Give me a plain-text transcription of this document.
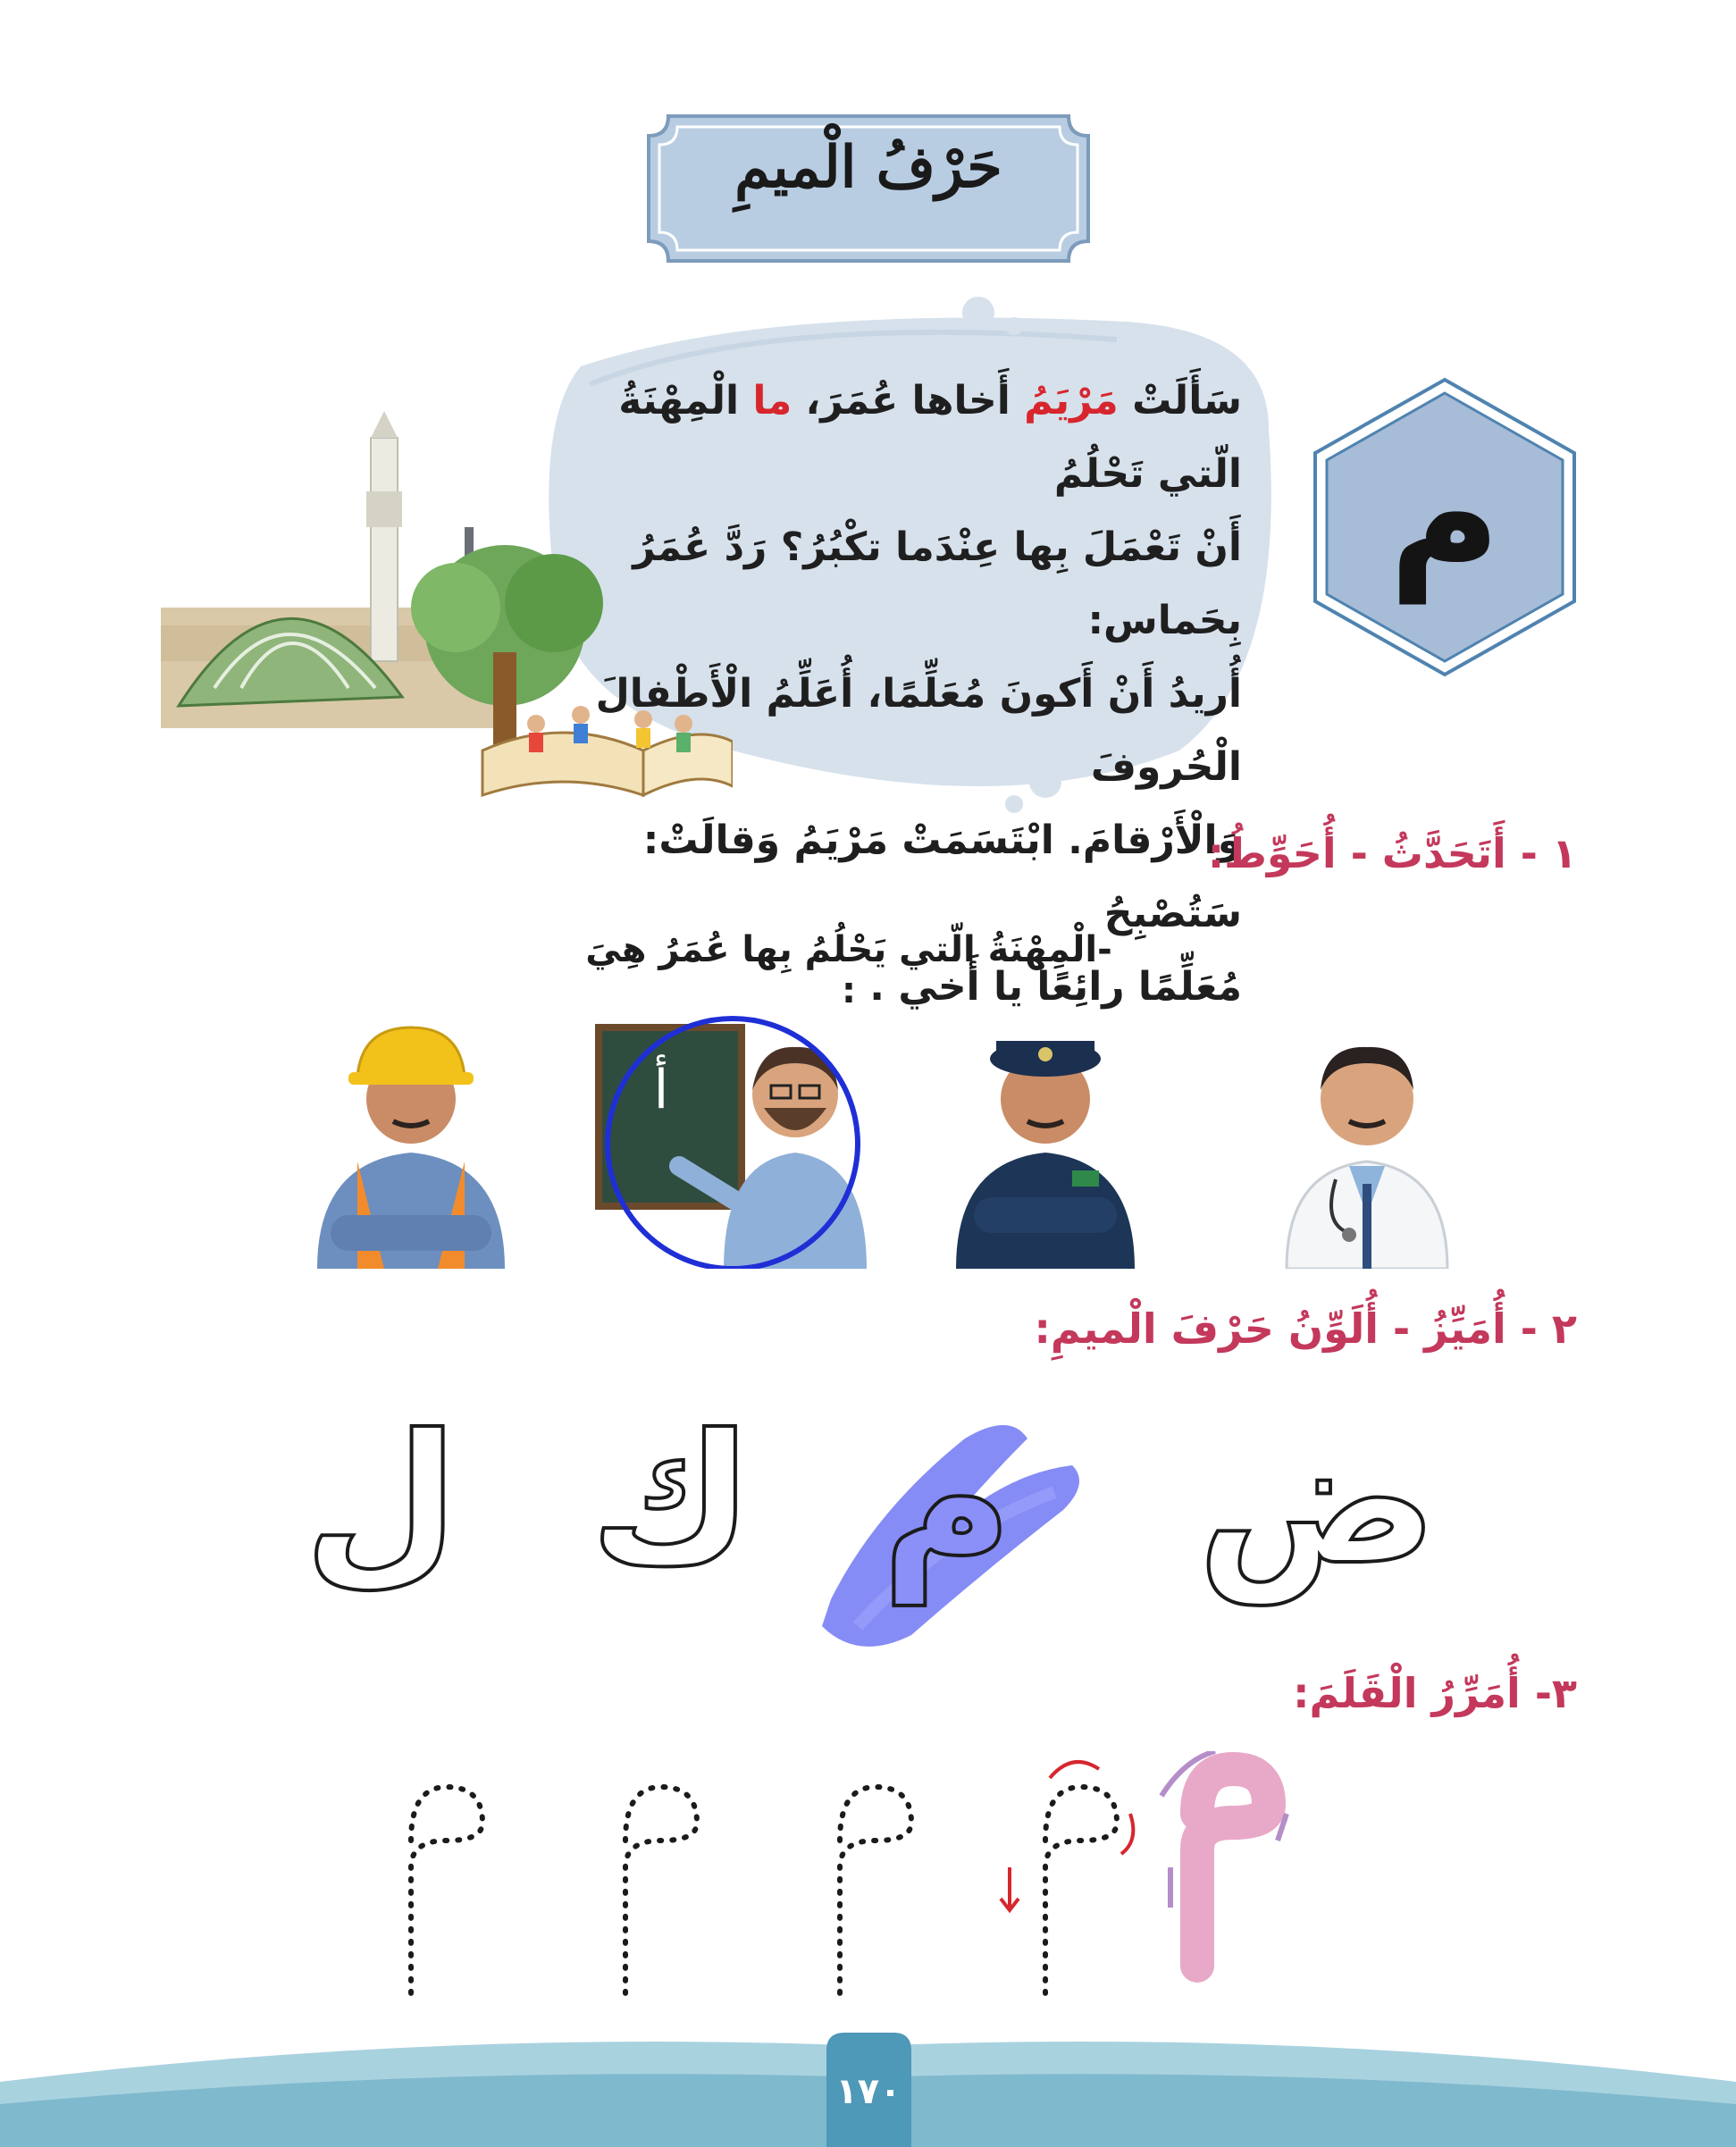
حَرْفُ الْميمِ
سَأَلَتْ مَرْيَمُ أَخاها عُمَرَ، ما الْمِهْنَةُ الّتي تَحْلُمُ
أَنْ تَعْمَلَ بِها عِنْدَما تكْبُرُ؟ رَدَّ عُمَرُ بِحَماس:
أُريدُ أَنْ أَكونَ مُعَلِّمًا، أُعَلِّمُ الْأَطْفالَ الْحُروفَ
وَالْأَرْقامَ. ابْتَسَمَتْ مَرْيَمُ وَقالَتْ: سَتُصْبِحُ
مُعَلِّمًا رائِعًا يا أَخي .
م
١ - أَتَحَدَّثُ - أُحَوِّطُ:
-الْمِهْنَةُ الّتي يَحْلُمُ بِها عُمَرُ هِيَ :
أ
٢ - أُمَيِّزُ - أُلَوِّنُ حَرْفَ الْميمِ:
ض
م
ك
ل
٣- أُمَرِّرُ الْقَلَمَ:
١٧٠
